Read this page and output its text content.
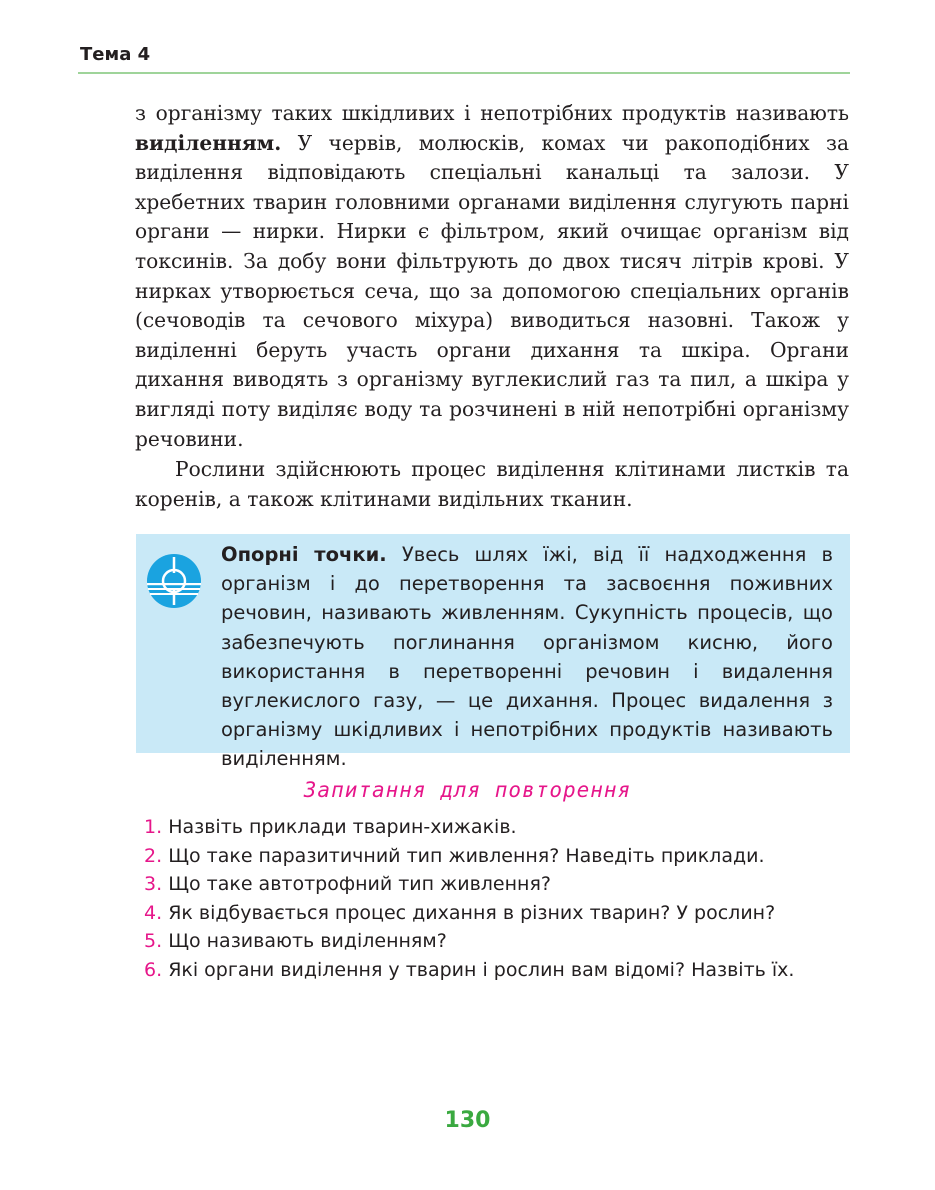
Тема 4

з організму таких шкідливих і непотрібних продуктів називають виділенням. У червів, молюсків, комах чи ракоподібних за виділення відповідають спеціальні канальці та залози. У хребетних тварин головними органами виділення слугують парні органи — нирки. Нирки є фільтром, який очищає організм від токсинів. За добу вони фільтрують до двох тисяч літрів крові. У нирках утворюється сеча, що за допомогою спеціальних органів (сечоводів та сечового міхура) виводиться назовні. Також у виділенні беруть участь органи дихання та шкіра. Органи дихання виводять з організму вуглекислий газ та пил, а шкіра у вигляді поту виділяє воду та розчинені в ній непотрібні організму речовини.

Рослини здійснюють процес виділення клітинами листків та коренів, а також клітинами видільних тканин.

Опорні точки. Увесь шлях їжі, від її надходження в організм і до перетворення та засвоєння поживних речовин, називають живленням. Сукупність процесів, що забезпечують поглинання організмом кисню, його використання в перетворенні речовин і видалення вуглекислого газу, — це дихання. Процес видалення з організму шкідливих і непотрібних продуктів називають виділенням.
Запитання для повторення
1. Назвіть приклади тварин-хижаків.
2. Що таке паразитичний тип живлення? Наведіть приклади.
3. Що таке автотрофний тип живлення?
4. Як відбувається процес дихання в різних тварин? У рослин?
5. Що називають виділенням?
6. Які органи виділення у тварин і рослин вам відомі? Назвіть їх.
130
